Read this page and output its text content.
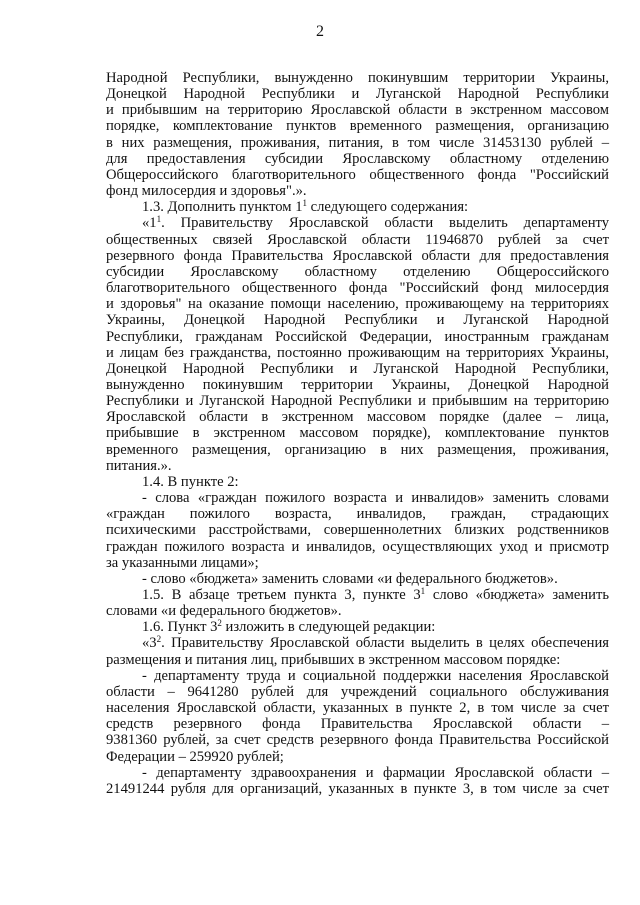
2
Народной Республики, вынужденно покинувшим территории Украины,
Донецкой Народной Республики и Луганской Народной Республики
и прибывшим на территорию Ярославской области в экстренном массовом
порядке, комплектование пунктов временного размещения, организацию
в них размещения, проживания, питания, в том числе 31453130 рублей –
для предоставления субсидии Ярославскому областному отделению
Общероссийского благотворительного общественного фонда "Российский
фонд милосердия и здоровья".».
1.3. Дополнить пунктом $1^1$ следующего содержания:
«$1^1$. Правительству Ярославской области выделить департаменту
общественных связей Ярославской области 11946870 рублей за счет
резервного фонда Правительства Ярославской области для предоставления
субсидии Ярославскому областному отделению Общероссийского
благотворительного общественного фонда "Российский фонд милосердия
и здоровья" на оказание помощи населению, проживающему на территориях
Украины, Донецкой Народной Республики и Луганской Народной
Республики, гражданам Российской Федерации, иностранным гражданам
и лицам без гражданства, постоянно проживающим на территориях Украины,
Донецкой Народной Республики и Луганской Народной Республики,
вынужденно покинувшим территории Украины, Донецкой Народной
Республики и Луганской Народной Республики и прибывшим на территорию
Ярославской области в экстренном массовом порядке (далее – лица,
прибывшие в экстренном массовом порядке), комплектование пунктов
временного размещения, организацию в них размещения, проживания,
питания.».
1.4. В пункте 2:
- слова «граждан пожилого возраста и инвалидов» заменить словами
«граждан пожилого возраста, инвалидов, граждан, страдающих
психическими расстройствами, совершеннолетних близких родственников
граждан пожилого возраста и инвалидов, осуществляющих уход и присмотр
за указанными лицами»;
- слово «бюджета» заменить словами «и федерального бюджетов».
1.5. В абзаце третьем пункта 3, пункте $3^1$ слово «бюджета» заменить
словами «и федерального бюджетов».
1.6. Пункт $3^2$ изложить в следующей редакции:
«$3^2$. Правительству Ярославской области выделить в целях обеспечения
размещения и питания лиц, прибывших в экстренном массовом порядке:
- департаменту труда и социальной поддержки населения Ярославской
области – 9641280 рублей для учреждений социального обслуживания
населения Ярославской области, указанных в пункте 2, в том числе за счет
средств резервного фонда Правительства Ярославской области –
9381360 рублей, за счет средств резервного фонда Правительства Российской
Федерации – 259920 рублей;
- департаменту здравоохранения и фармации Ярославской области –
21491244 рубля для организаций, указанных в пункте 3, в том числе за счет
